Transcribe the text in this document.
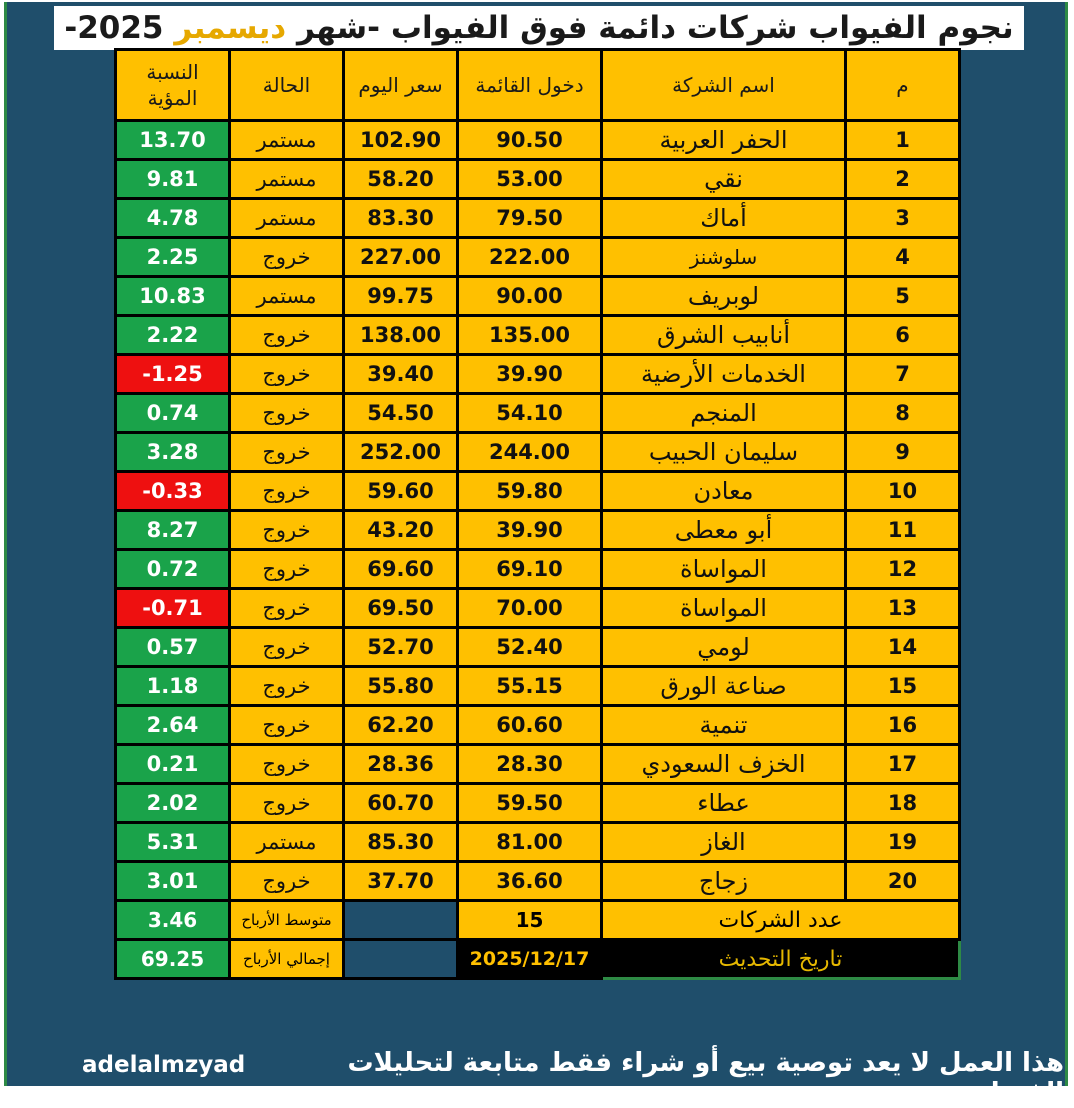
نجوم الفيواب شركات دائمة فوق الفيواب -شهر ديسمبر -2025
النسبة
المؤية	الحالة	سعر اليوم	دخول القائمة	اسم الشركة	م
13.70	مستمر	102.90	90.50	الحفر العربية	1
9.81	مستمر	58.20	53.00	نقي	2
4.78	مستمر	83.30	79.50	أماك	3
2.25	خروج	227.00	222.00	سلوشنز	4
10.83	مستمر	99.75	90.00	لوبريف	5
2.22	خروج	138.00	135.00	أنابيب الشرق	6
-1.25	خروج	39.40	39.90	الخدمات الأرضية	7
0.74	خروج	54.50	54.10	المنجم	8
3.28	خروج	252.00	244.00	سليمان الحبيب	9
-0.33	خروج	59.60	59.80	معادن	10
8.27	خروج	43.20	39.90	أبو معطى	11
0.72	خروج	69.60	69.10	المواساة	12
-0.71	خروج	69.50	70.00	المواساة	13
0.57	خروج	52.70	52.40	لومي	14
1.18	خروج	55.80	55.15	صناعة الورق	15
2.64	خروج	62.20	60.60	تنمية	16
0.21	خروج	28.36	28.30	الخزف السعودي	17
2.02	خروج	60.70	59.50	عطاء	18
5.31	مستمر	85.30	81.00	الغاز	19
3.01	خروج	37.70	36.60	زجاج	20
3.46	متوسط الأرباح		15	عدد الشركات	
69.25	إجمالي الأرباح		2025/12/17	تاريخ التحديث	
adelalmzyad	هذا العمل لا يعد توصية بيع أو شراء فقط متابعة لتحليلات الفيواب
